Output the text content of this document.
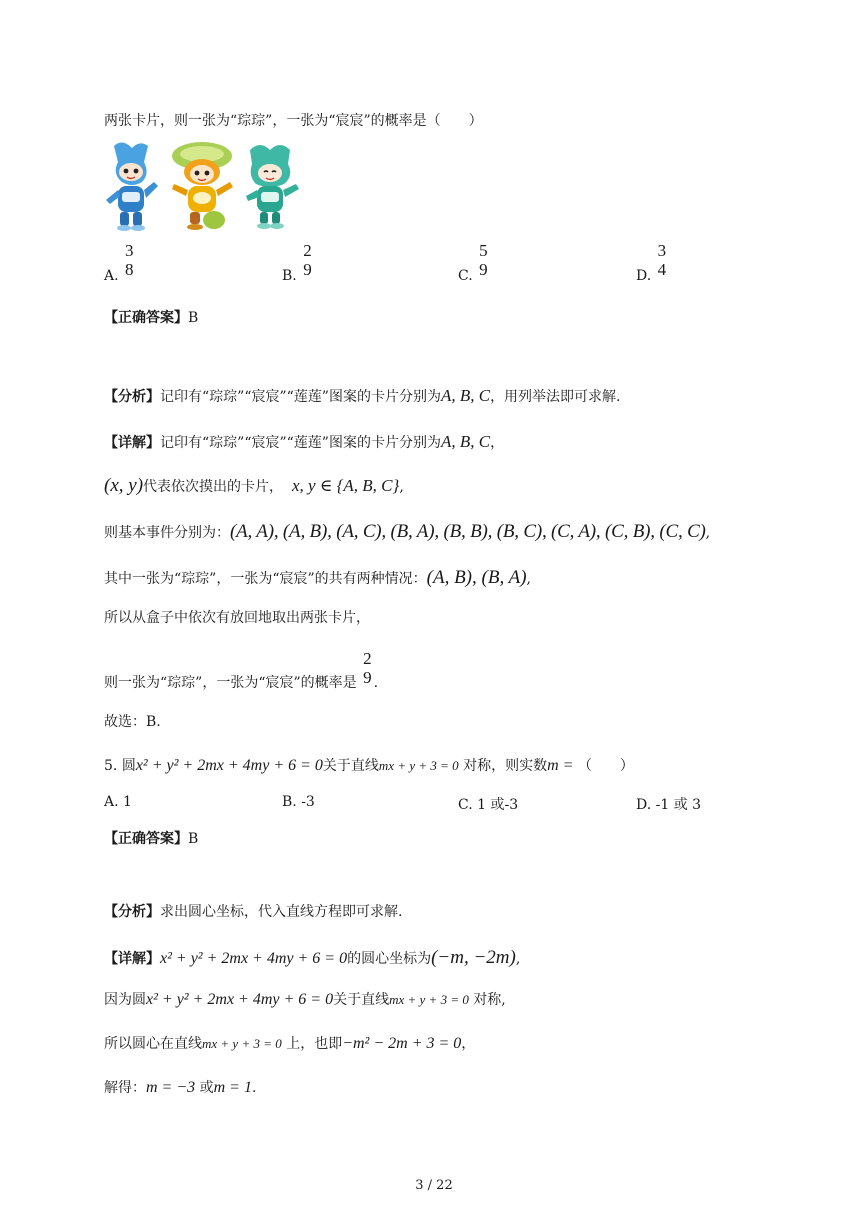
两张卡片，则一张为“琮琮”，一张为“宸宸”的概率是（　　）
A.
3
8	B.
2
9	C.
5
9	D.
3
4
【正确答案】B
【分析】记印有“琮琮”“宸宸”“莲莲”图案的卡片分别为A, B, C，用列举法即可求解.
【详解】记印有“琮琮”“宸宸”“莲莲”图案的卡片分别为A, B, C，
(x, y)代表依次摸出的卡片， x, y ∈ {A, B, C},
则基本事件分别为：(A, A), (A, B), (A, C), (B, A), (B, B), (B, C), (C, A), (C, B), (C, C),
其中一张为“琮琮”，一张为“宸宸”的共有两种情况：(A, B), (B, A),
所以从盒子中依次有放回地取出两张卡片，
则一张为“琮琮”，一张为“宸宸”的概率是
2
9 .
故选：B.
5. 圆x² + y² + 2mx + 4my + 6 = 0关于直线mx + y + 3 = 0 对称，则实数m = （　　）
A. 1	B. -3	C. 1 或-3	D. -1 或 3
【正确答案】B
【分析】求出圆心坐标，代入直线方程即可求解.
【详解】x² + y² + 2mx + 4my + 6 = 0的圆心坐标为(−m, −2m),
因为圆x² + y² + 2mx + 4my + 6 = 0关于直线mx + y + 3 = 0 对称,
所以圆心在直线mx + y + 3 = 0 上，也即−m² − 2m + 3 = 0，
解得：m = −3 或m = 1.
3 / 22
